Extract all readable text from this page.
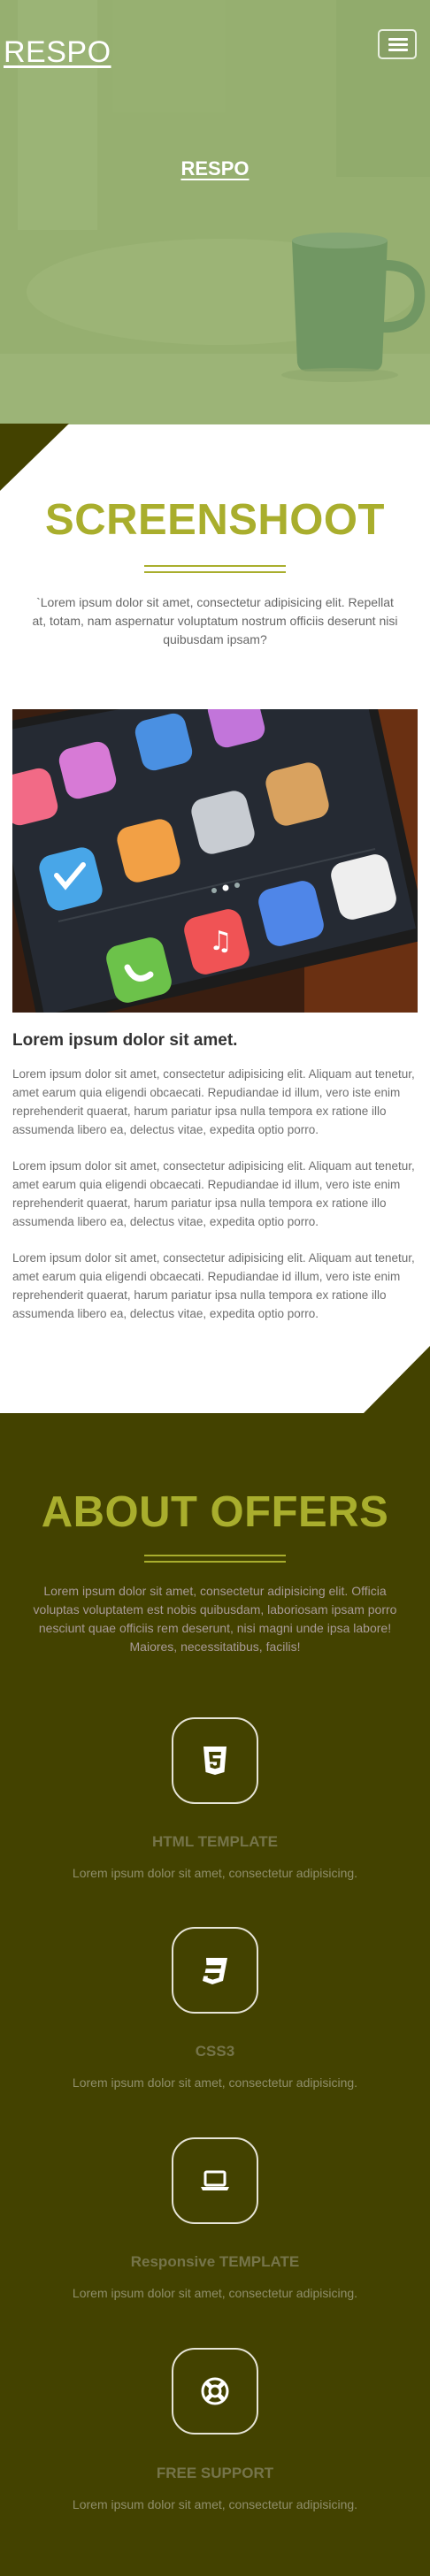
RESPO
RESPO
SCREENSHOOT
`Lorem ipsum dolor sit amet, consectetur adipisicing elit. Repellat at, totam, nam aspernatur voluptatum nostrum officiis deserunt nisi quibusdam ipsam?
♫
Lorem ipsum dolor sit amet.
Lorem ipsum dolor sit amet, consectetur adipisicing elit. Aliquam aut tenetur, amet earum quia eligendi obcaecati. Repudiandae id illum, vero iste enim reprehenderit quaerat, harum pariatur ipsa nulla tempora ex ratione illo assumenda libero ea, delectus vitae, expedita optio porro.
Lorem ipsum dolor sit amet, consectetur adipisicing elit. Aliquam aut tenetur, amet earum quia eligendi obcaecati. Repudiandae id illum, vero iste enim reprehenderit quaerat, harum pariatur ipsa nulla tempora ex ratione illo assumenda libero ea, delectus vitae, expedita optio porro.
Lorem ipsum dolor sit amet, consectetur adipisicing elit. Aliquam aut tenetur, amet earum quia eligendi obcaecati. Repudiandae id illum, vero iste enim reprehenderit quaerat, harum pariatur ipsa nulla tempora ex ratione illo assumenda libero ea, delectus vitae, expedita optio porro.
ABOUT OFFERS
Lorem ipsum dolor sit amet, consectetur adipisicing elit. Officia voluptas voluptatem est nobis quibusdam, laboriosam ipsam porro nesciunt quae officiis rem deserunt, nisi magni unde ipsa labore! Maiores, necessitatibus, facilis!
HTML TEMPLATE
Lorem ipsum dolor sit amet, consectetur adipisicing.
CSS3
Lorem ipsum dolor sit amet, consectetur adipisicing.
Responsive TEMPLATE
Lorem ipsum dolor sit amet, consectetur adipisicing.
FREE SUPPORT
Lorem ipsum dolor sit amet, consectetur adipisicing.
